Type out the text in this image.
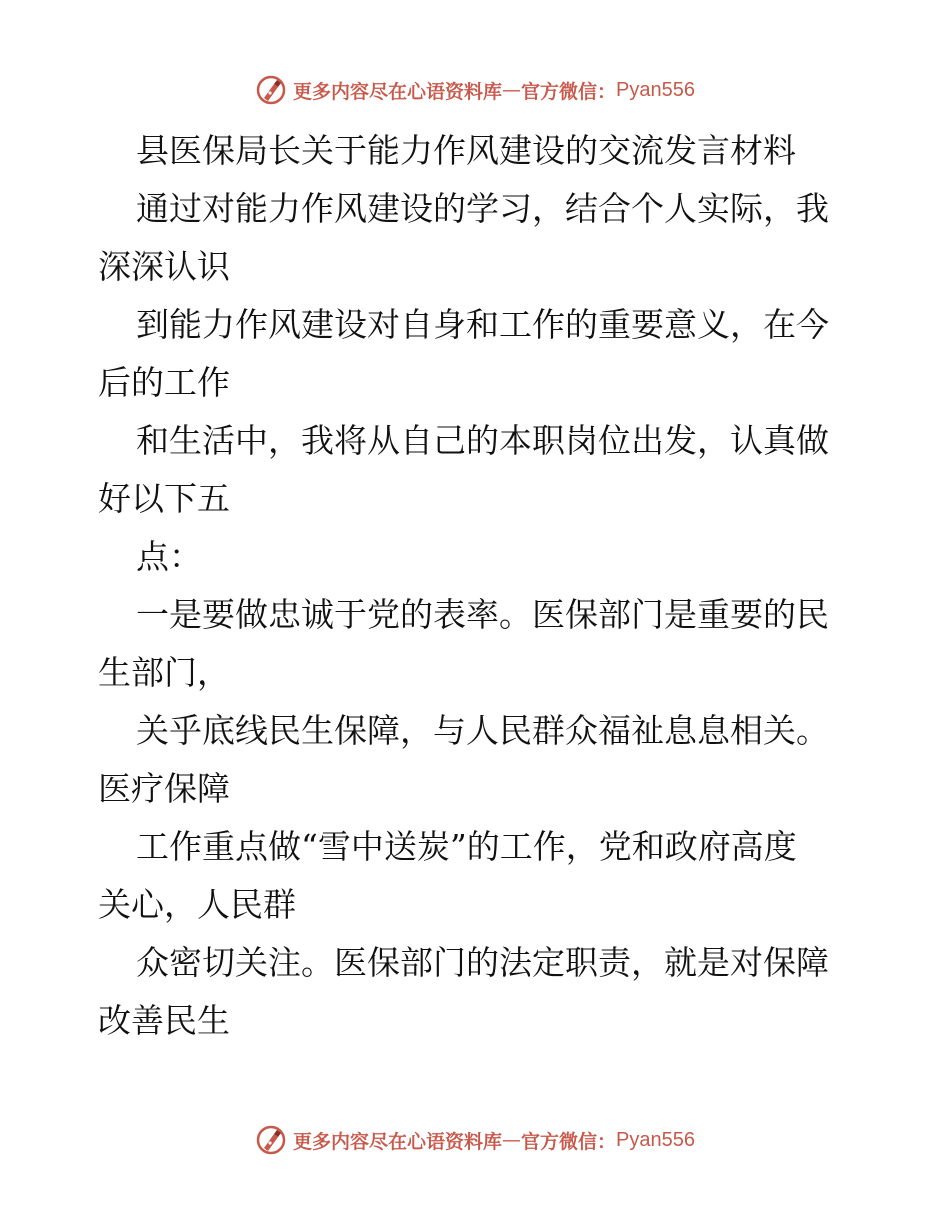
更多内容尽在心语资料库 — 官方微信： Pyan556
县医保局长关于能力作风建设的交流发言材料
通过对能力作风建设的学习，结合个人实际，我
深深认识
到能力作风建设对自身和工作的重要意义，在今
后的工作
和生活中，我将从自己的本职岗位出发，认真做
好以下五
点：
一是要做忠诚于党的表率。医保部门是重要的民
生部门，
关乎底线民生保障，与人民群众福祉息息相关。
医疗保障
工作重点做“雪中送炭”的工作，党和政府高度
关心，人民群
众密切关注。医保部门的法定职责，就是对保障
改善民生
更多内容尽在心语资料库 — 官方微信： Pyan556
